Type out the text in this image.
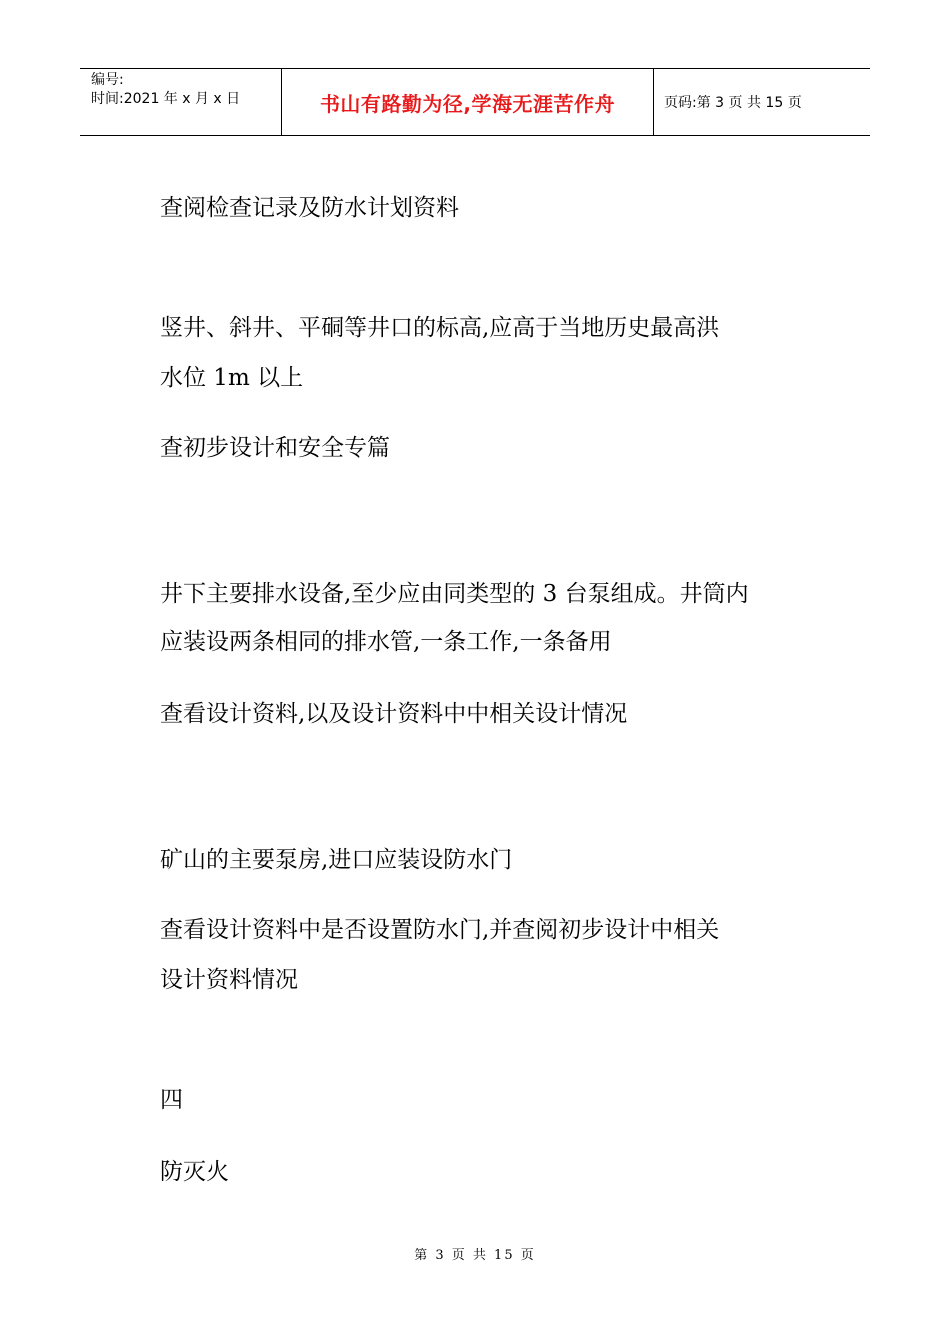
编号:
时间:2021 年 x 月 x 日	书山有路勤为径,学海无涯苦作舟	页码:第 3 页 共 15 页
查阅检查记录及防水计划资料
竖井、斜井、平硐等井口的标高,应高于当地历史最高洪
水位 1m 以上
查初步设计和安全专篇
井下主要排水设备,至少应由同类型的 3 台泵组成。井筒内
应装设两条相同的排水管,一条工作,一条备用
查看设计资料,以及设计资料中中相关设计情况
矿山的主要泵房,进口应装设防水门
查看设计资料中是否设置防水门,并查阅初步设计中相关
设计资料情况
四
防灭火
第 3 页 共 15 页
